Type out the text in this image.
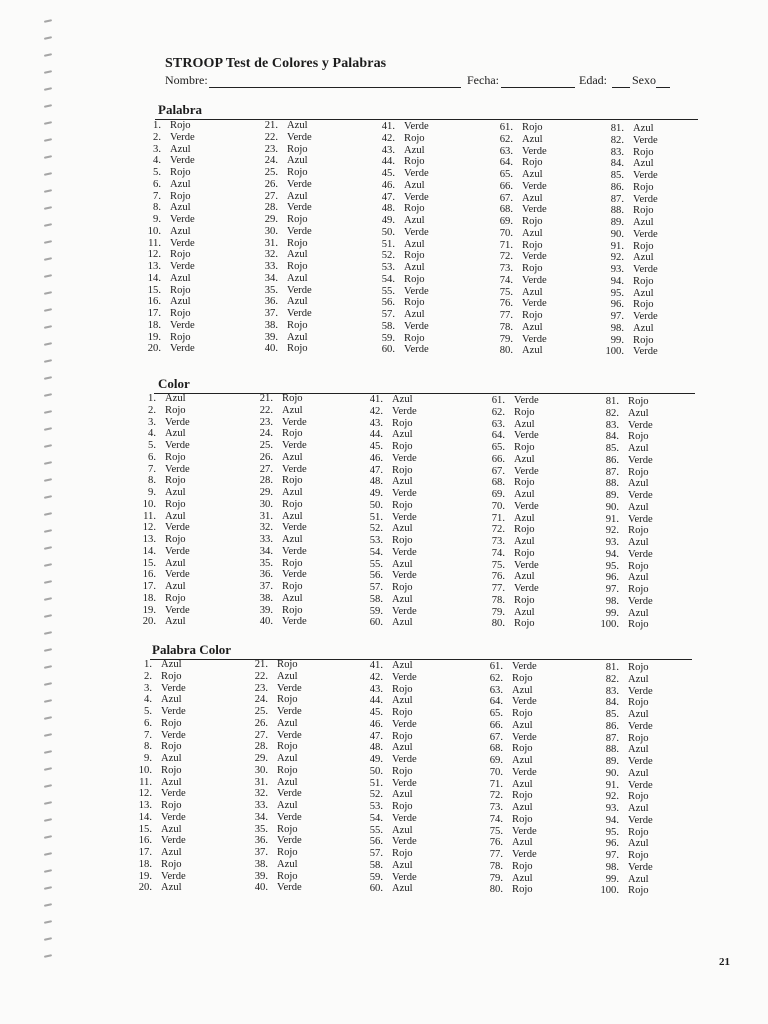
STROOP Test de Colores y Palabras
Nombre:	Fecha:	Edad: Sexo
Palabra
1. Rojo
2. Verde
3. Azul
4. Verde
5. Rojo
6. Azul
7. Rojo
8. Azul
9. Verde
10. Azul
11. Verde
12. Rojo
13. Verde
14. Azul
15. Rojo
16. Azul
17. Rojo
18. Verde
19. Rojo
20. Verde
21. Azul
22. Verde
23. Rojo
24. Azul
25. Rojo
26. Verde
27. Azul
28. Verde
29. Rojo
30. Verde
31. Rojo
32. Azul
33. Rojo
34. Azul
35. Verde
36. Azul
37. Verde
38. Rojo
39. Azul
40. Rojo
41. Verde
42. Rojo
43. Azul
44. Rojo
45. Verde
46. Azul
47. Verde
48. Rojo
49. Azul
50. Verde
51. Azul
52. Rojo
53. Azul
54. Rojo
55. Verde
56. Rojo
57. Azul
58. Verde
59. Rojo
60. Verde
61. Rojo
62. Azul
63. Verde
64. Rojo
65. Azul
66. Verde
67. Azul
68. Verde
69. Rojo
70. Azul
71. Rojo
72. Verde
73. Rojo
74. Verde
75. Azul
76. Verde
77. Rojo
78. Azul
79. Verde
80. Azul
81. Azul
82. Verde
83. Rojo
84. Azul
85. Verde
86. Rojo
87. Verde
88. Rojo
89. Azul
90. Verde
91. Rojo
92. Azul
93. Verde
94. Rojo
95. Azul
96. Rojo
97. Verde
98. Azul
99. Rojo
100. Verde
Color
1. Azul
2. Rojo
3. Verde
4. Azul
5. Verde
6. Rojo
7. Verde
8. Rojo
9. Azul
10. Rojo
11. Azul
12. Verde
13. Rojo
14. Verde
15. Azul
16. Verde
17. Azul
18. Rojo
19. Verde
20. Azul
21. Rojo
22. Azul
23. Verde
24. Rojo
25. Verde
26. Azul
27. Verde
28. Rojo
29. Azul
30. Rojo
31. Azul
32. Verde
33. Azul
34. Verde
35. Rojo
36. Verde
37. Rojo
38. Azul
39. Rojo
40. Verde
41. Azul
42. Verde
43. Rojo
44. Azul
45. Rojo
46. Verde
47. Rojo
48. Azul
49. Verde
50. Rojo
51. Verde
52. Azul
53. Rojo
54. Verde
55. Azul
56. Verde
57. Rojo
58. Azul
59. Verde
60. Azul
61. Verde
62. Rojo
63. Azul
64. Verde
65. Rojo
66. Azul
67. Verde
68. Rojo
69. Azul
70. Verde
71. Azul
72. Rojo
73. Azul
74. Rojo
75. Verde
76. Azul
77. Verde
78. Rojo
79. Azul
80. Rojo
81. Rojo
82. Azul
83. Verde
84. Rojo
85. Azul
86. Verde
87. Rojo
88. Azul
89. Verde
90. Azul
91. Verde
92. Rojo
93. Azul
94. Verde
95. Rojo
96. Azul
97. Rojo
98. Verde
99. Azul
100. Rojo
Palabra Color
1. Azul
2. Rojo
3. Verde
4. Azul
5. Verde
6. Rojo
7. Verde
8. Rojo
9. Azul
10. Rojo
11. Azul
12. Verde
13. Rojo
14. Verde
15. Azul
16. Verde
17. Azul
18. Rojo
19. Verde
20. Azul
21. Rojo
22. Azul
23. Verde
24. Rojo
25. Verde
26. Azul
27. Verde
28. Rojo
29. Azul
30. Rojo
31. Azul
32. Verde
33. Azul
34. Verde
35. Rojo
36. Verde
37. Rojo
38. Azul
39. Rojo
40. Verde
41. Azul
42. Verde
43. Rojo
44. Azul
45. Rojo
46. Verde
47. Rojo
48. Azul
49. Verde
50. Rojo
51. Verde
52. Azul
53. Rojo
54. Verde
55. Azul
56. Verde
57. Rojo
58. Azul
59. Verde
60. Azul
61. Verde
62. Rojo
63. Azul
64. Verde
65. Rojo
66. Azul
67. Verde
68. Rojo
69. Azul
70. Verde
71. Azul
72. Rojo
73. Azul
74. Rojo
75. Verde
76. Azul
77. Verde
78. Rojo
79. Azul
80. Rojo
81. Rojo
82. Azul
83. Verde
84. Rojo
85. Azul
86. Verde
87. Rojo
88. Azul
89. Verde
90. Azul
91. Verde
92. Rojo
93. Azul
94. Verde
95. Rojo
96. Azul
97. Rojo
98. Verde
99. Azul
100. Rojo
21
